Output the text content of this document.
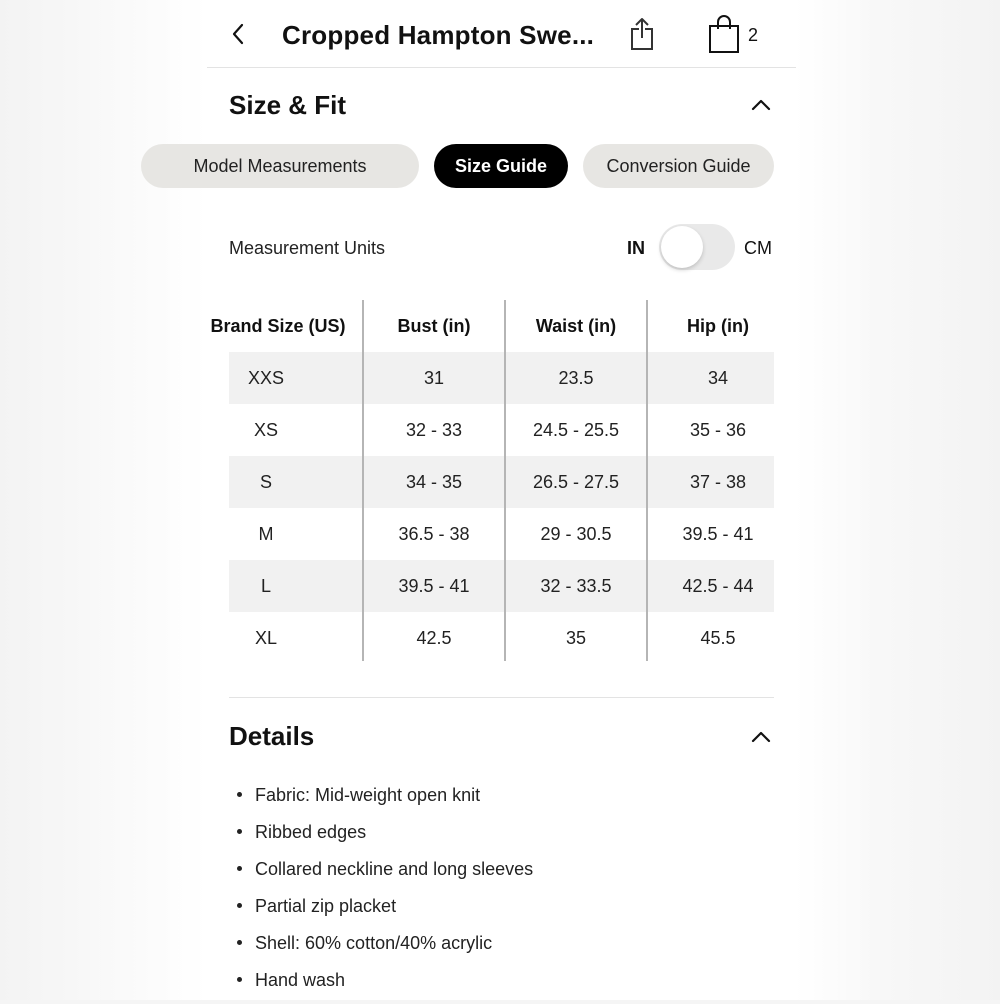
Cropped Hampton Swe...	2
Size & Fit
Model Measurements	Size Guide	Conversion Guide
Measurement Units	IN	CM
Brand Size (US)	Bust (in)	Waist (in)	Hip (in)
XXS	31	23.5	34
XS	32 - 33	24.5 - 25.5	35 - 36
S	34 - 35	26.5 - 27.5	37 - 38
M	36.5 - 38	29 - 30.5	39.5 - 41
L	39.5 - 41	32 - 33.5	42.5 - 44
XL	42.5	35	45.5
Details
Fabric: Mid-weight open knit
Ribbed edges
Collared neckline and long sleeves
Partial zip placket
Shell: 60% cotton/40% acrylic
Hand wash
